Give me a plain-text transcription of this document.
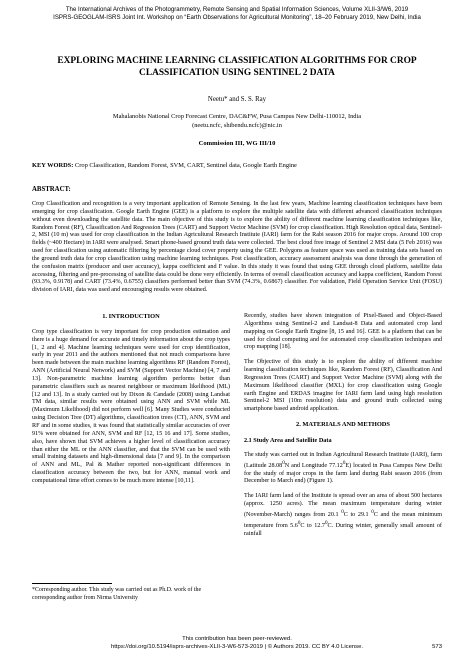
The International Archives of the Photogrammetry, Remote Sensing and Spatial Information Sciences, Volume XLII-3/W6, 2019
ISPRS-GEOGLAM-ISRS Joint Int. Workshop on “Earth Observations for Agricultural Monitoring”, 18–20 February 2019, New Delhi, India
EXPLORING MACHINE LEARNING CLASSIFICATION ALGORITHMS FOR CROP
CLASSIFICATION USING SENTINEL 2 DATA
Neetu* and S. S. Ray
Mahalanobis National Crop Forecast Centre, DAC&FW, Pusa Campus New Delhi-110012, India
(neetu.ncfc, shibendu.ncfc)@nic.in
Commission III, WG III/10
KEY WORDS: Crop Classification, Random Forest, SVM, CART, Sentinel data, Google Earth Engine
ABSTRACT:

Crop Classification and recognition is a very important application of Remote Sensing. In the last few years, Machine learning classification techniques have been emerging for crop classification. Google Earth Engine (GEE) is a platform to explore the multiple satellite data with different advanced classification techniques without even downloading the satellite data. The main objective of this study is to explore the ability of different machine learning classification techniques like, Random Forest (RF), Classification And Regression Trees (CART) and Support Vector Machine (SVM) for crop classification. High Resolution optical data, Sentinel-2, MSI (10 m) was used for crop classification in the Indian Agricultural Research Institute (IARI) farm for the Rabi season 2016 for major crops. Around 100 crop fields (~400 Hectare) in IARI were analysed. Smart phone-based ground truth data were collected. The best cloud free image of Sentinel 2 MSI data (5 Feb 2016) was used for classification using automatic filtering by percentage cloud cover property using the GEE. Polygons as feature space was used as training data sets based on the ground truth data for crop classification using machine learning techniques. Post classification, accuracy assessment analysis was done through the generation of the confusion matrix (producer and user accuracy), kappa coefficient and F value. In this study it was found that using GEE through cloud platform, satellite data accessing, filtering and pre-processing of satellite data could be done very efficiently. In terms of overall classification accuracy and kappa coefficient, Random Forest (93.3%, 0.9178) and CART (73.4%, 0.6755) classifiers performed better than SVM (74.3%, 0.6867) classifier. For validation, Field Operation Service Unit (FOSU) division of IARI, data was used and encouraging results were obtained.

1. INTRODUCTION

Crop type classification is very important for crop production estimation and there is a huge demand for accurate and timely information about the crop types [1, 2 and 4]. Machine learning techniques were used for crop identification, early in year 2011 and the authors mentioned that not much comparisons have been made between the main machine learning algorithms RF (Random Forest), ANN (Artificial Neural Network) and SVM (Support Vector Machine) [4, 7 and 13]. Non-parametric machine learning algorithm performs better than parametric classifiers such as nearest neighbour or maximum likelihood (ML) [12 and 13]. In a study carried out by Dixon & Candade (2008) using Landsat TM data, similar results were obtained using ANN and SVM while ML (Maximum Likelihood) did not perform well [6]. Many Studies were conducted using Decision Tree (DT) algorithms, classification trees (CT), ANN, SVM and RF and in some studies, it was found that statistically similar accuracies of over 91% were obtained for ANN, SVM and RF [12, 15 16 and 17]. Some studies, also, have shown that SVM achieves a higher level of classification accuracy than either the ML or the ANN classifier, and that the SVM can be used with small training datasets and high-dimensional data [7 and 9]. In the comparison of ANN and ML, Pal & Mather reported non-significant differences in classification accuracy between the two, but for ANN, manual work and computational time effort comes to be much more intense [10,11].

Recently, studies have shown integration of Pixel-Based and Object-Based Algorithms using Sentinel-2 and Landsat-8 Data and automated crop land mapping on Google Earth Engine [8, 15 and 16]. GEE is a platform that can be used for cloud computing and for automated crop classification techniques and crop mapping [18].

The Objective of this study is to explore the ability of different machine learning classification techniques like, Random Forest (RF), Classification And Regression Trees (CART) and Support Vector Machine (SVM) along with the Maximum likelihood classifier (MXL) for crop classification using Google earth Engine and ERDAS imagine for IARI farm land using high resolution Sentinel-2 MSI (10m resolution) data and ground truth collected using smartphone based android application.

2. MATERIALS AND METHODS
2.1 Study Area and Satellite Data

The study was carried out in Indian Agricultural Research Institute (IARI), farm (Latitude 28.08$^0$N and Longitude 77.12$^0$E) located in Pusa Campus New Delhi for the study of major crops in the farm land during Rabi season 2016 (from December to March end) (Figure 1).

The IARI farm land of the Institute is spread over an area of about 500 hectares (approx. 1250 acres). The mean maximum temperature during winter (November-March) ranges from 20.1 $^0$C to 29.1 $^0$C and the mean minimum temperature from $5.6^0C$ to 12.7$^0$C. During winter, generally small amount of rainfall

*Corresponding author. This study was carried out as Ph.D. work of the corresponding author from Nirma University
This contribution has been peer-reviewed.
https://doi.org/10.5194/isprs-archives-XLII-3-W6-573-2019 | © Authors 2019. CC BY 4.0 License.	573
